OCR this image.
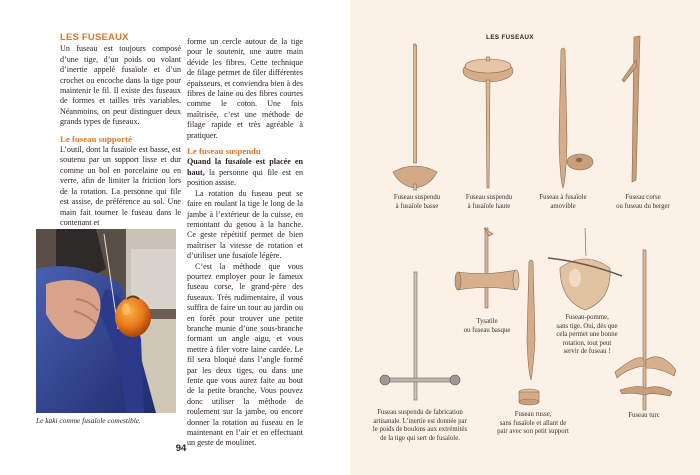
LES FUSEAUX

Un fuseau est toujours composé d’une tige, d’un poids ou volant d’inertie appelé fusaïole et d’un crochet ou encoche dans la tige pour maintenir le fil. Il existe des fuseaux de formes et tailles très variables. Néanmoins, on peut distinguer deux grands types de fuseaux.

Le fuseau supporté

L’outil, dont la fusaïole est basse, est soutenu par un support lisse et dur comme un bol en porcelaine ou en verre, afin de limiter la friction lors de la rotation. La personne qui file est assise, de préférence au sol. Une main fait tourner le fuseau dans le contenant et

forme un cercle autour de la tige pour le soutenir, une autre main dévide les fibres. Cette technique de filage permet de filer différentes épaisseurs, et conviendra bien à des fibres de laine ou des fibres courtes comme le coton. Une fois maîtrisée, c’est une méthode de filage rapide et très agréable à pratiquer.

Le fuseau suspendu

Quand la fusaïole est placée en haut, la personne qui file est en position assise.

La rotation du fuseau peut se faire en roulant la tige le long de la jambe à l’extérieur de la cuisse, en remontant du genou à la hanche. Ce geste répétitif permet de bien maîtriser la vitesse de rotation et d’utiliser une fusaïole légère.

C’est la méthode que vous pourrez employer pour le fameux fuseau corse, le grand-père des fuseaux. Très rudimentaire, il vous suffira de faire un tour au jardin ou en forêt pour trouver une petite branche munie d’une sous-branche formant un angle aigu, et vous mettre à filer votre laine cardée. Le fil sera bloqué dans l’angle formé par les deux tiges, ou dans une fente que vous aurez faite au bout de la petite branche. Vous pouvez donc utiliser la méthode de roulement sur la jambe, ou encore donner la rotation au fuseau en le maintenant en l’air et en effectuant un geste de moulinet.

Le kaki comme fusaïole comestible.
94
LES FUSEAUX
Fuseau suspendu
à fusaïole basse
Fuseau suspendu
à fusaïole haute
Fuseau à fusaïole
amovible
Fuseau corse
ou fuseau du berger
Fuseau suspendu de fabrication
artisanale. L’inertie est donnée par
le poids de boulons aux extrémités
de la tige qui sert de fusaïole.
Tysatile
ou fuseau basque
Fuseau-pomme,
sans tige. Oui, dès que
cela permet une bonne
rotation, tout peut
servir de fuseau !
Fuseau russe,
sans fusaïole et allant de
pair avec son petit support
Fuseau turc
